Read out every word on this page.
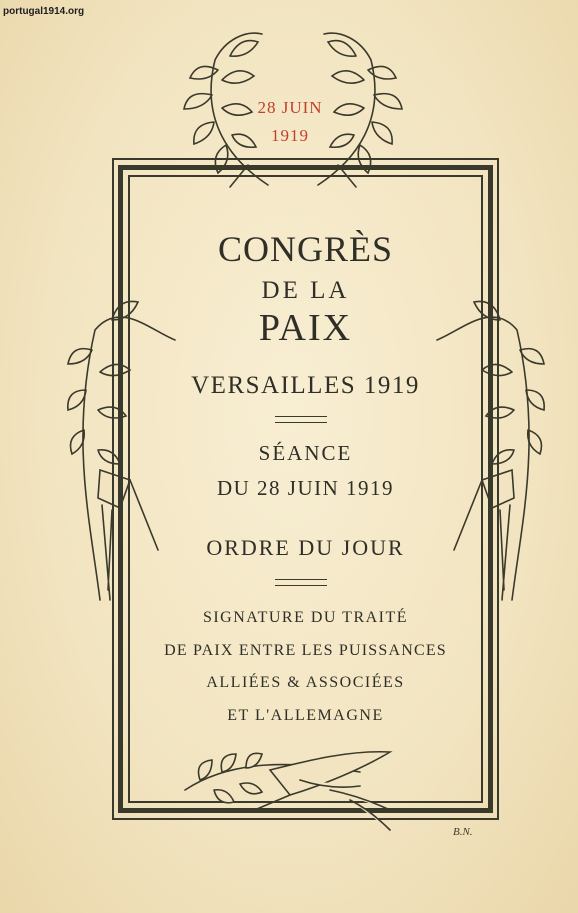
portugal1914.org
28 JUIN
1919
CONGRÈS
DE LA
PAIX
VERSAILLES 1919
SÉANCE
DU 28 JUIN 1919
ORDRE DU JOUR
SIGNATURE DU TRAITÉ
DE PAIX ENTRE LES PUISSANCES
ALLIÉES & ASSOCIÉES
ET L'ALLEMAGNE
B.N.
